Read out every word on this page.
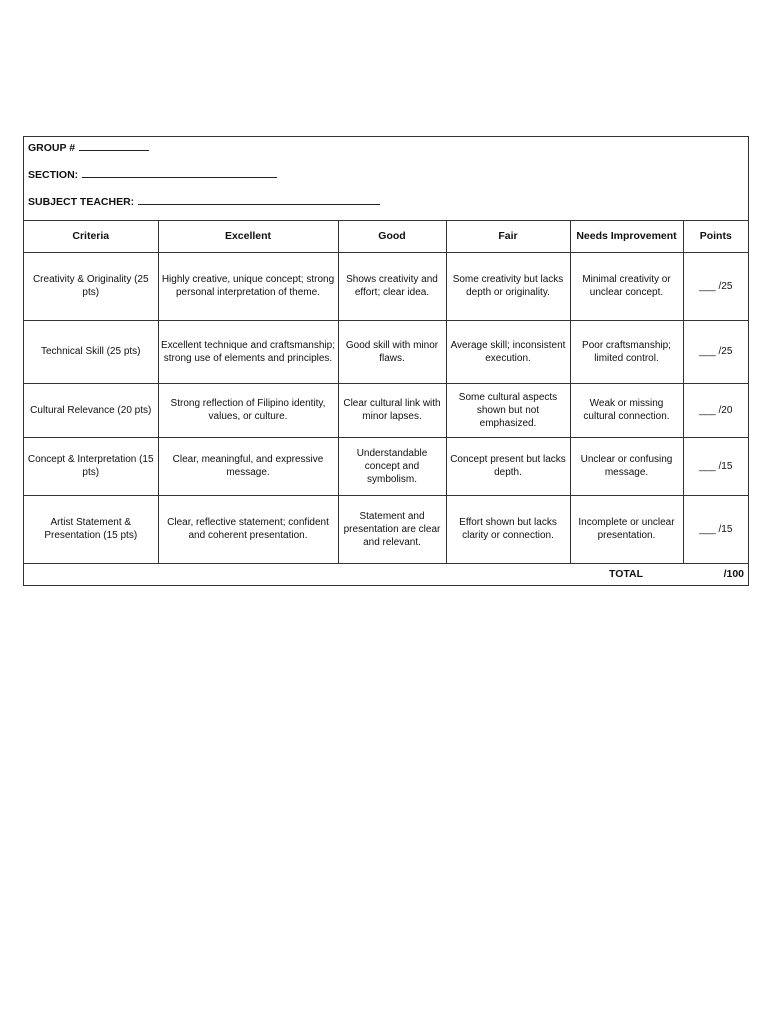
GROUP #
SECTION:
SUBJECT TEACHER:
Criteria	Excellent	Good	Fair	Needs Improvement	Points
Creativity & Originality (25 pts)	Highly creative, unique concept; strong personal interpretation of theme.	Shows creativity and effort; clear idea.	Some creativity but lacks depth or originality.	Minimal creativity or unclear concept.	___ /25
Technical Skill (25 pts)	Excellent technique and craftsmanship; strong use of elements and principles.	Good skill with minor flaws.	Average skill; inconsistent execution.	Poor craftsmanship; limited control.	___ /25
Cultural Relevance (20 pts)	Strong reflection of Filipino identity, values, or culture.	Clear cultural link with minor lapses.	Some cultural aspects shown but not emphasized.	Weak or missing cultural connection.	___ /20
Concept & Interpretation (15 pts)	Clear, meaningful, and expressive message.	Understandable concept and symbolism.	Concept present but lacks depth.	Unclear or confusing message.	___ /15
Artist Statement & Presentation (15 pts)	Clear, reflective statement; confident and coherent presentation.	Statement and presentation are clear and relevant.	Effort shown but lacks clarity or connection.	Incomplete or unclear presentation.	___ /15
TOTAL					/100
